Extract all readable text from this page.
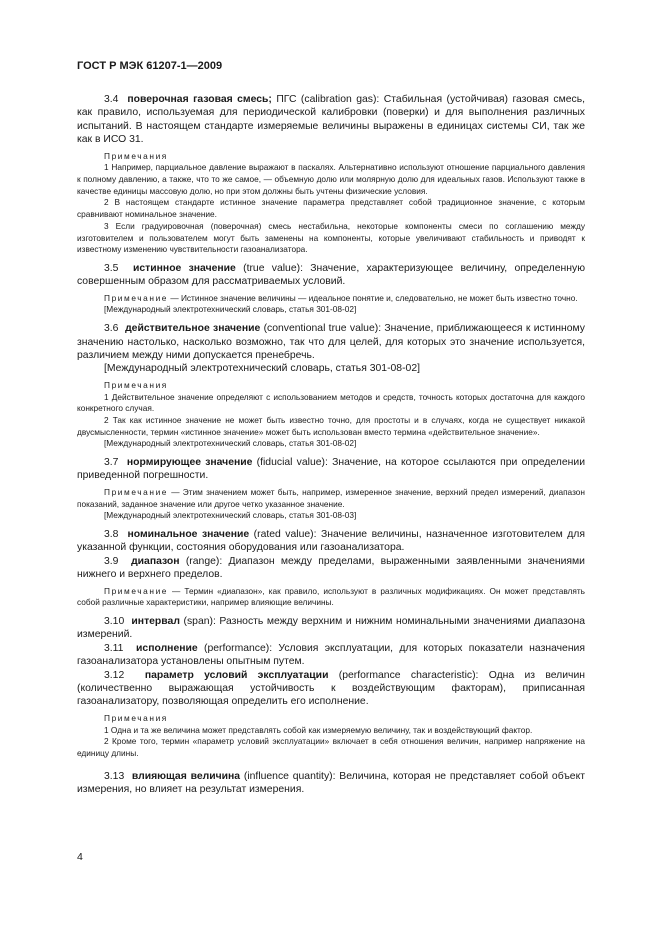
ГОСТ Р МЭК 61207-1—2009

3.4 поверочная газовая смесь; ПГС (calibration gas): Стабильная (устойчивая) газовая смесь, как правило, используемая для периодической калибровки (поверки) и для выполнения различных испытаний. В настоящем стандарте измеряемые величины выражены в единицах системы СИ, так же как в ИСО 31.

Примечания

1 Например, парциальное давление выражают в паскалях. Альтернативно используют отношение парциального давления к полному давлению, а также, что то же самое, — объемную долю или молярную долю для идеальных газов. Используют также в качестве единицы массовую долю, но при этом должны быть учтены физические условия.

2 В настоящем стандарте истинное значение параметра представляет собой традиционное значение, с которым сравнивают номинальное значение.

3 Если градуировочная (поверочная) смесь нестабильна, некоторые компоненты смеси по соглашению между изготовителем и пользователем могут быть заменены на компоненты, которые увеличивают стабильность и приводят к известному изменению чувствительности газоанализатора.

3.5 истинное значение (true value): Значение, характеризующее величину, определенную совершенным образом для рассматриваемых условий.

Примечание — Истинное значение величины — идеальное понятие и, следовательно, не может быть известно точно.

[Международный электротехнический словарь, статья 301-08-02]

3.6 действительное значение (conventional true value): Значение, приближающееся к истинному значению настолько, насколько возможно, так что для целей, для которых это значение используется, различием между ними допускается пренебречь.

[Международный электротехнический словарь, статья 301-08-02]

Примечания

1 Действительное значение определяют с использованием методов и средств, точность которых достаточна для каждого конкретного случая.

2 Так как истинное значение не может быть известно точно, для простоты и в случаях, когда не существует никакой двусмысленности, термин «истинное значение» может быть использован вместо термина «действительное значение».

[Международный электротехнический словарь, статья 301-08-02]

3.7 нормирующее значение (fiducial value): Значение, на которое ссылаются при определении приведенной погрешности.

Примечание — Этим значением может быть, например, измеренное значение, верхний предел измерений, диапазон показаний, заданное значение или другое четко указанное значение.

[Международный электротехнический словарь, статья 301-08-03]

3.8 номинальное значение (rated value): Значение величины, назначенное изготовителем для указанной функции, состояния оборудования или газоанализатора.

3.9 диапазон (range): Диапазон между пределами, выраженными заявленными значениями нижнего и верхнего пределов.

Примечание — Термин «диапазон», как правило, используют в различных модификациях. Он может представлять собой различные характеристики, например влияющие величины.

3.10 интервал (span): Разность между верхним и нижним номинальными значениями диапазона измерений.

3.11 исполнение (performance): Условия эксплуатации, для которых показатели назначения газоанализатора установлены опытным путем.

3.12 параметр условий эксплуатации (performance characteristic): Одна из величин (количественно выражающая устойчивость к воздействующим факторам), приписанная газоанализатору, позволяющая определить его исполнение.

Примечания

1 Одна и та же величина может представлять собой как измеряемую величину, так и воздействующий фактор.

2 Кроме того, термин «параметр условий эксплуатации» включает в себя отношения величин, например напряжение на единицу длины.

3.13 влияющая величина (influence quantity): Величина, которая не представляет собой объект измерения, но влияет на результат измерения.

4
